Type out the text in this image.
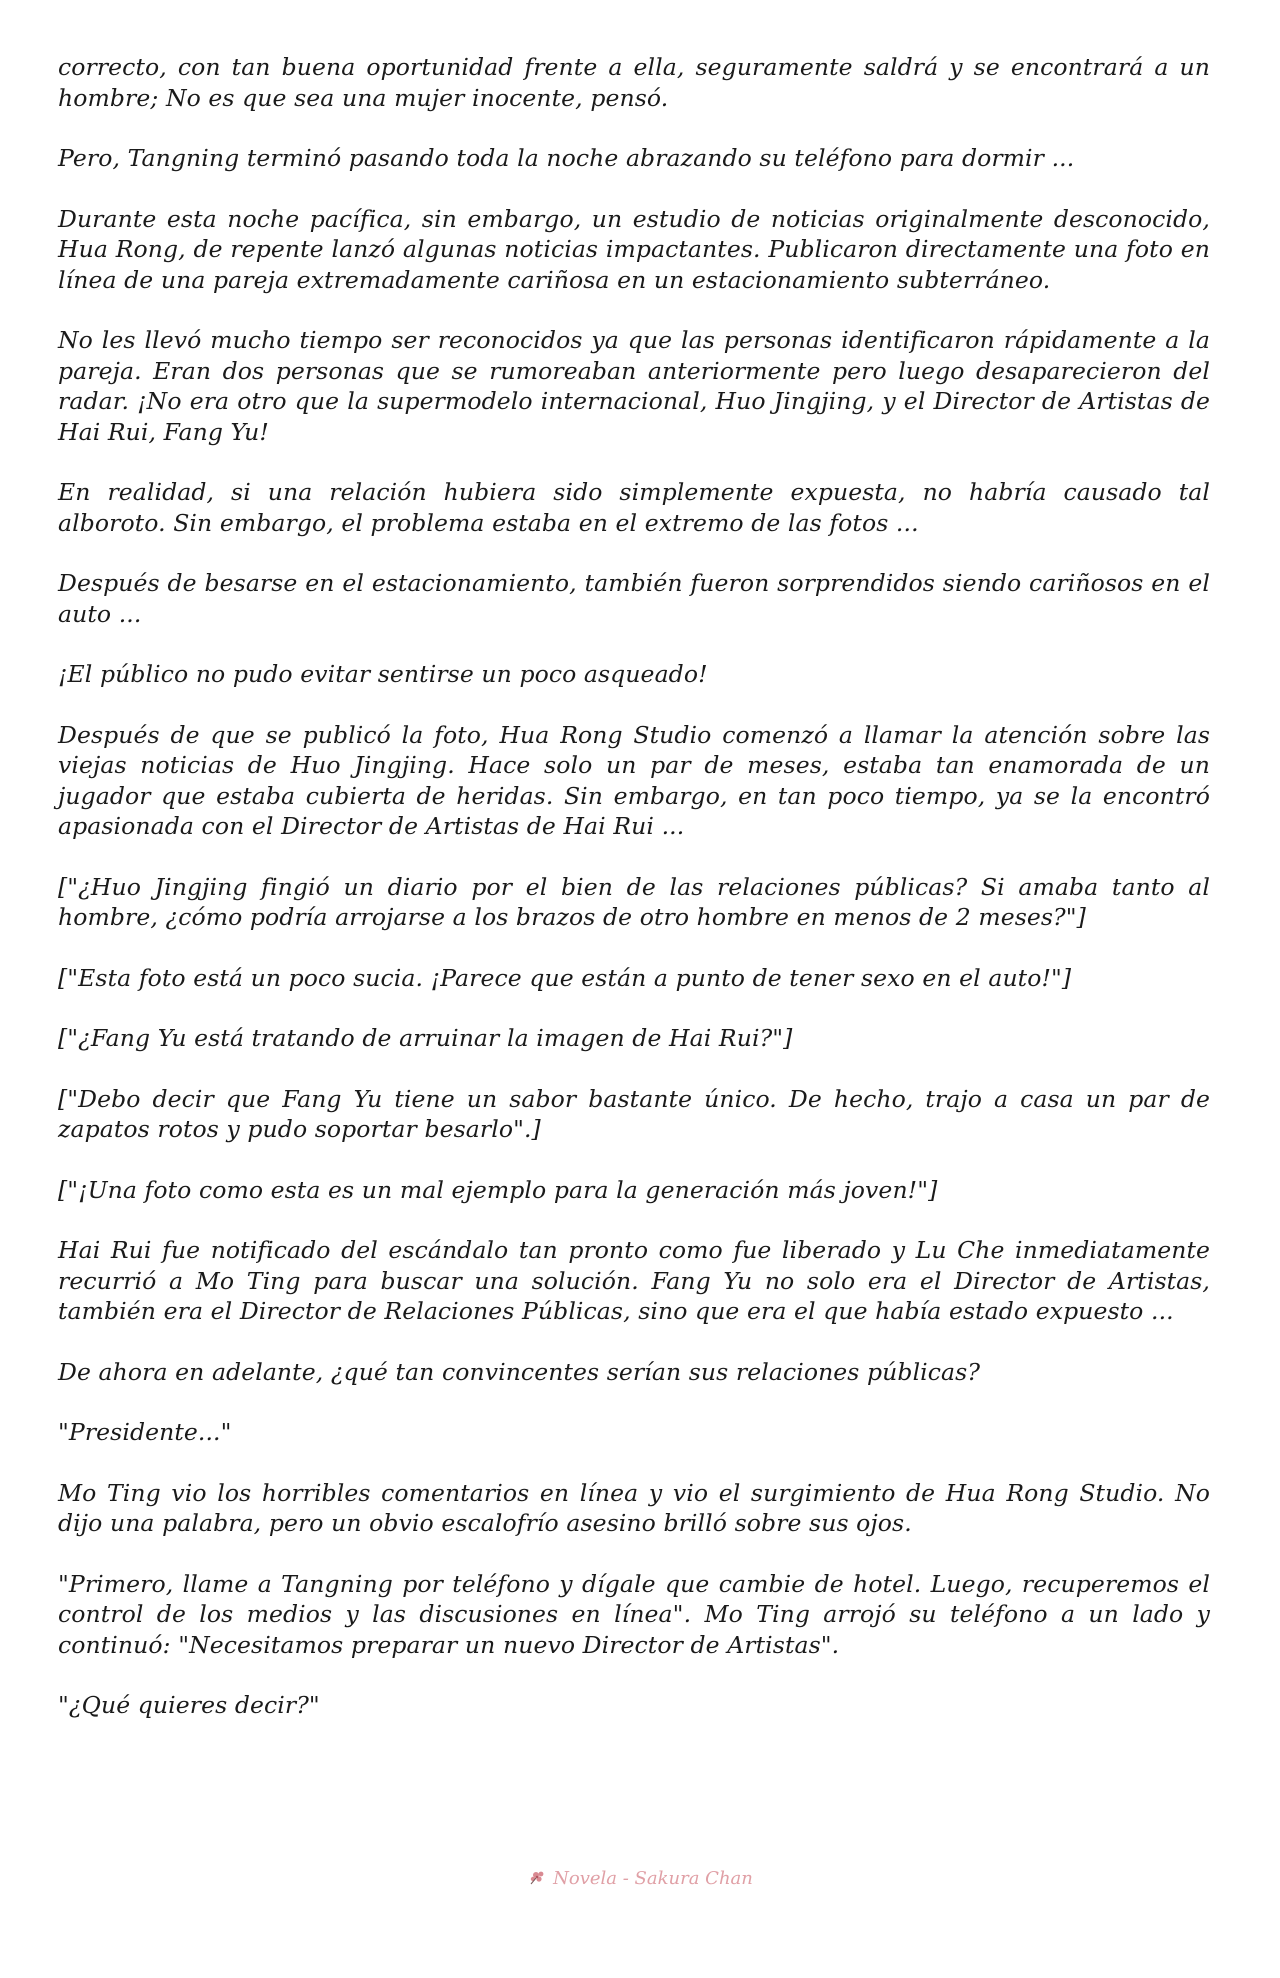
correcto, con tan buena oportunidad frente a ella, seguramente saldrá y se encontrará a un hombre; No es que sea una mujer inocente, pensó.

Pero, Tangning terminó pasando toda la noche abrazando su teléfono para dormir ...

Durante esta noche pacífica, sin embargo, un estudio de noticias originalmente desconocido, Hua Rong, de repente lanzó algunas noticias impactantes. Publicaron directamente una foto en línea de una pareja extremadamente cariñosa en un estacionamiento subterráneo.

No les llevó mucho tiempo ser reconocidos ya que las personas identificaron rápidamente a la pareja. Eran dos personas que se rumoreaban anteriormente pero luego desaparecieron del radar. ¡No era otro que la supermodelo internacional, Huo Jingjing, y el Director de Artistas de Hai Rui, Fang Yu!

En realidad, si una relación hubiera sido simplemente expuesta, no habría causado tal alboroto. Sin embargo, el problema estaba en el extremo de las fotos ...

Después de besarse en el estacionamiento, también fueron sorprendidos siendo cariñosos en el auto ...

¡El público no pudo evitar sentirse un poco asqueado!

Después de que se publicó la foto, Hua Rong Studio comenzó a llamar la atención sobre las viejas noticias de Huo Jingjing. Hace solo un par de meses, estaba tan enamorada de un jugador que estaba cubierta de heridas. Sin embargo, en tan poco tiempo, ya se la encontró apasionada con el Director de Artistas de Hai Rui ...

["¿Huo Jingjing fingió un diario por el bien de las relaciones públicas? Si amaba tanto al hombre, ¿cómo podría arrojarse a los brazos de otro hombre en menos de 2 meses?"]

["Esta foto está un poco sucia. ¡Parece que están a punto de tener sexo en el auto!"]

["¿Fang Yu está tratando de arruinar la imagen de Hai Rui?"]

["Debo decir que Fang Yu tiene un sabor bastante único. De hecho, trajo a casa un par de zapatos rotos y pudo soportar besarlo".]

["¡Una foto como esta es un mal ejemplo para la generación más joven!"]

Hai Rui fue notificado del escándalo tan pronto como fue liberado y Lu Che inmediatamente recurrió a Mo Ting para buscar una solución. Fang Yu no solo era el Director de Artistas, también era el Director de Relaciones Públicas, sino que era el que había estado expuesto ...

De ahora en adelante, ¿qué tan convincentes serían sus relaciones públicas?

"Presidente..."

Mo Ting vio los horribles comentarios en línea y vio el surgimiento de Hua Rong Studio. No dijo una palabra, pero un obvio escalofrío asesino brilló sobre sus ojos.

"Primero, llame a Tangning por teléfono y dígale que cambie de hotel. Luego, recuperemos el control de los medios y las discusiones en línea". Mo Ting arrojó su teléfono a un lado y continuó: "Necesitamos preparar un nuevo Director de Artistas".

"¿Qué quieres decir?"

Novela - Sakura Chan
